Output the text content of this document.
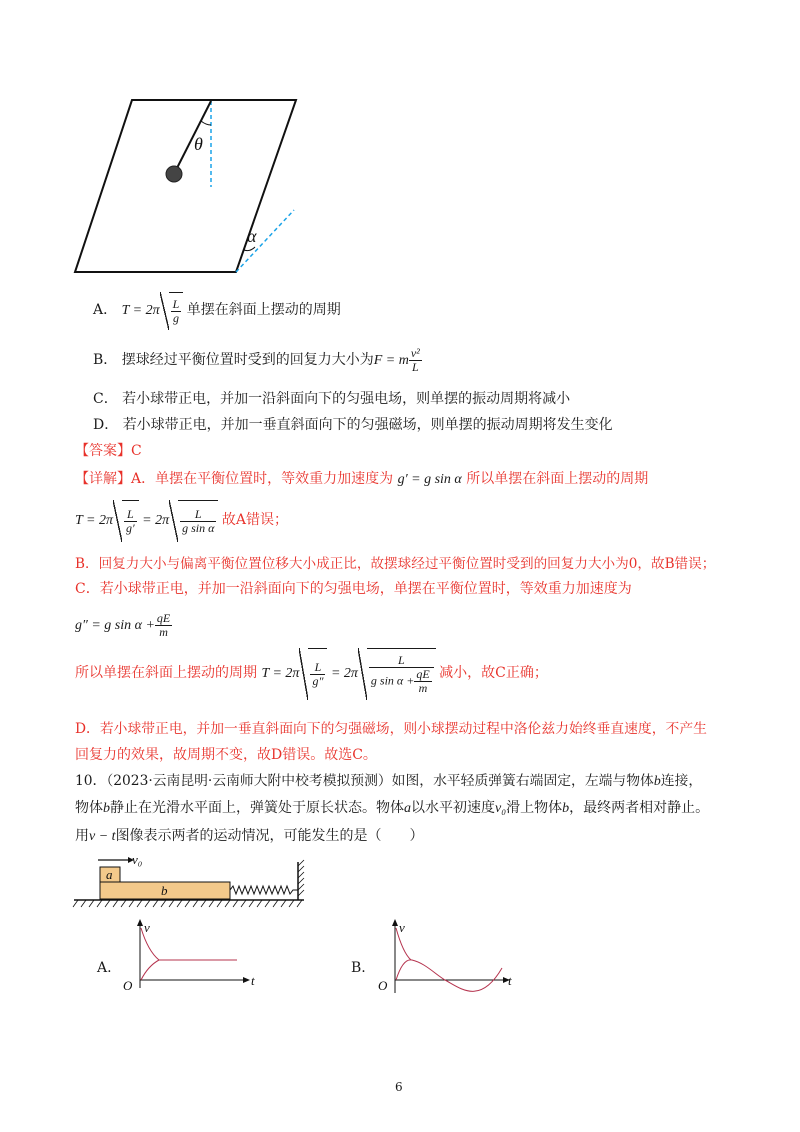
θ
α
A． $T = 2\pi \frac{L}{g}$ 单摆在斜面上摆动的周期
B． 摆球经过平衡位置时受到的回复力大小为F = m $\frac{\text{v²}}{L}$
C． 若小球带正电，并加一沿斜面向下的匀强电场，则单摆的振动周期将减小
D． 若小球带正电，并加一垂直斜面向下的匀强磁场，则单摆的振动周期将发生变化
【答案】C
【详解】A．单摆在平衡位置时，等效重力加速度为 g′ = g sin α 所以单摆在斜面上摆动的周期
$T = 2\pi \frac{L}{g'} = 2\pi \frac{L}{\text{g sin α}}$ 故A错误；
B．回复力大小与偏离平衡位置位移大小成正比，故摆球经过平衡位置时受到的回复力大小为0，故B错误；
C．若小球带正电，并加一沿斜面向下的匀强电场，单摆在平衡位置时，等效重力加速度为
g″ = g $\sin \alpha + \frac{qE}{m}$
所以单摆在斜面上摆动的周期 $T = 2\pi \frac{L}{g''} = 2\pi \frac{L}{g \sin \alpha + \frac{qE}{m}}$ 减小，故C正确；
D．若小球带正电，并加一垂直斜面向下的匀强磁场，则小球摆动过程中洛伦兹力始终垂直速度，不产生
回复力的效果，故周期不变，故D错误。故选C。
10．（2023·云南昆明·云南师大附中校考模拟预测）如图，水平轻质弹簧右端固定，左端与物体b连接，
物体b静止在光滑水平面上，弹簧处于原长状态。物体a以水平初速度v₀滑上物体b，最终两者相对静止。
用v − t图像表示两者的运动情况，可能发生的是（　　）
v₀
a
b
A.
v
O	t
B.
v
O	t
6
